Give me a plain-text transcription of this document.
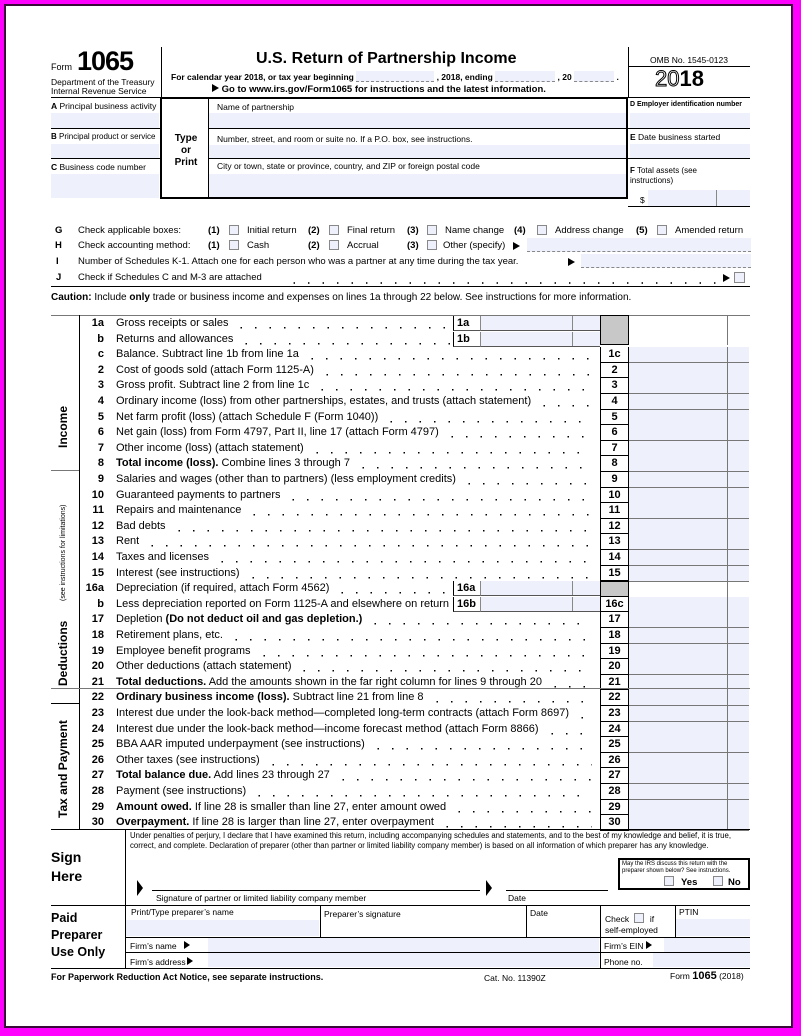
Form 1065
Department of the Treasury
Internal Revenue Service
U.S. Return of Partnership Income
For calendar year 2018, or tax year beginning	, 2018, ending	, 20	.
Go to www.irs.gov/Form1065 for instructions and the latest information.
OMB No. 1545-0123
2018
Type
or
Print
A Principal business activity
B Principal product or service
C Business code number
Name of partnership
Number, street, and room or suite no. If a P.O. box, see instructions.
City or town, state or province, country, and ZIP or foreign postal code
D Employer identification number
E Date business started
F Total assets (see instructions)
$
G Check applicable boxes:	(1)	Initial return (2)	Final return (3)	Name change (4)	Address change (5)	Amended return
H Check accounting method: (1)	Cash	(2)	Accrual	(3)	Other (specify)
I Number of Schedules K-1. Attach one for each person who was a partner at any time during the tax year.
J Check if Schedules C and M-3 are attached
Caution: Include only trade or business income and expenses on lines 1a through 22 below. See instructions for more information.
1a Gross receipts or sales	1a
b Returns and allowances	1b
c Balance. Subtract line 1b from line 1a	1c
2 Cost of goods sold (attach Form 1125-A)	2
3 Gross profit. Subtract line 2 from line 1c	3
4 Ordinary income (loss) from other partnerships, estates, and trusts (attach statement)	4
5 Net farm profit (loss) (attach Schedule F (Form 1040))	5
6 Net gain (loss) from Form 4797, Part II, line 17 (attach Form 4797)	6
7 Other income (loss) (attach statement)	7
8 Total income (loss). Combine lines 3 through 7	8
9 Salaries and wages (other than to partners) (less employment credits)	9
10 Guaranteed payments to partners	10
11 Repairs and maintenance	11
12 Bad debts	12
13 Rent	13
14 Taxes and licenses	14
15 Interest (see instructions)	15
16a Depreciation (if required, attach Form 4562)	16a
b Less depreciation reported on Form 1125-A and elsewhere on return 16b	16c
17 Depletion (Do not deduct oil and gas depletion.)	17
18 Retirement plans, etc.	18
19 Employee benefit programs	19
20 Other deductions (attach statement)	20
21 Total deductions. Add the amounts shown in the far right column for lines 9 through 20	21
22 Ordinary business income (loss). Subtract line 21 from line 8	22
23 Interest due under the look-back method—completed long-term contracts (attach Form 8697)	23
24 Interest due under the look-back method—income forecast method (attach Form 8866)	24
25 BBA AAR imputed underpayment (see instructions)	25
26 Other taxes (see instructions)	26
27 Total balance due. Add lines 23 through 27	27
28 Payment (see instructions)	28
29 Amount owed. If line 28 is smaller than line 27, enter amount owed	29
30 Overpayment. If line 28 is larger than line 27, enter overpayment	30
Income
(see instructions for limitations)
Deductions
Tax and Payment
Sign
Here
Under penalties of perjury, I declare that I have examined this return, including accompanying schedules and statements, and to the best of my knowledge and belief, it is true, correct, and complete. Declaration of preparer (other than partner or limited liability company member) is based on all information of which preparer has any knowledge.
Signature of partner or limited liability company member	Date
May the IRS discuss this return with the preparer shown below? See instructions.
Yes	No
Paid
Preparer
Use Only
Print/Type preparer’s name	Preparer’s signature	Date
Check if
self-employed
PTIN
Firm’s name	Firm’s EIN
Firm’s address	Phone no.
For Paperwork Reduction Act Notice, see separate instructions.	Cat. No. 11390Z	Form 1065 (2018)
